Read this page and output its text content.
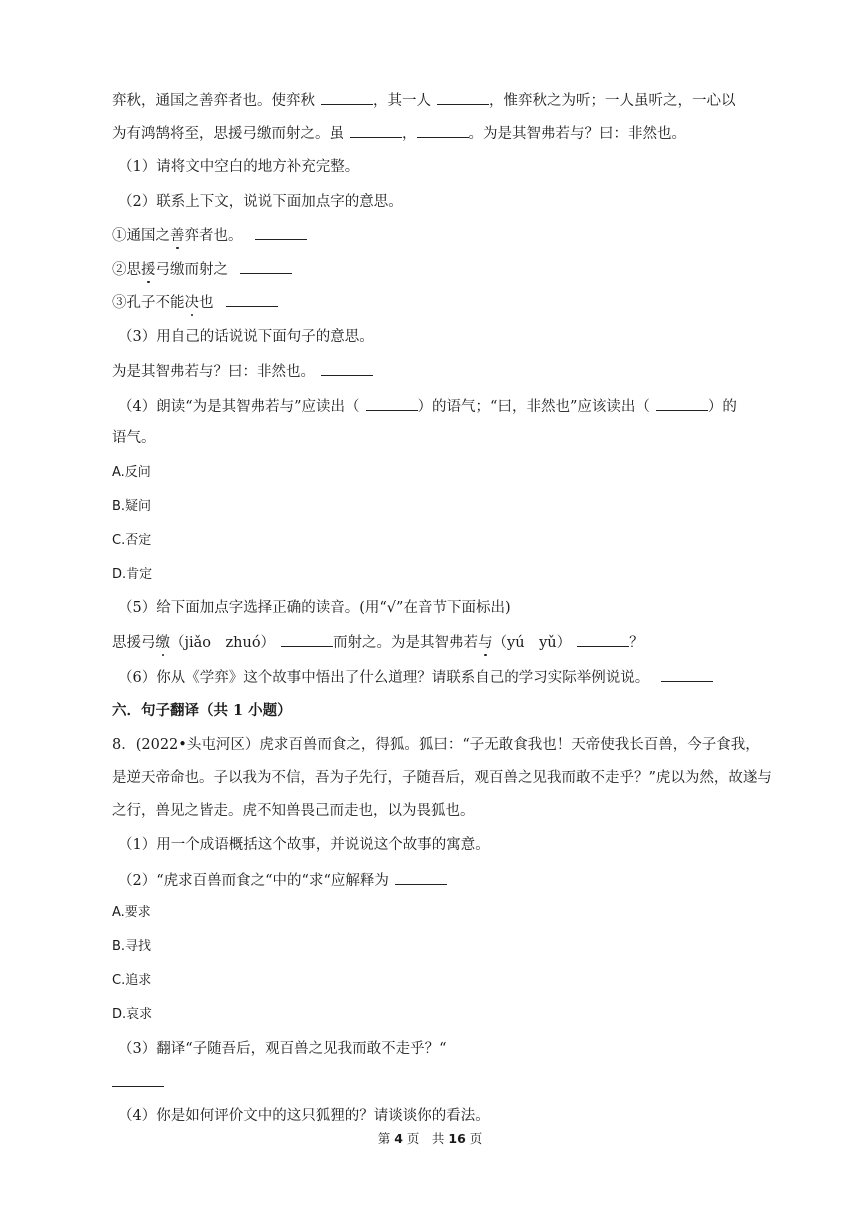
弈秋，通国之善弈者也。使弈秋	，其一人	，惟弈秋之为听；一人虽听之，一心以
为有鸿鹄将至，思援弓缴而射之。虽	，	。为是其智弗若与？曰：非然也。
（1）请将文中空白的地方补充完整。
（2）联系上下文，说说下面加点字的意思。
①通国之善弈者也。
②思援弓缴而射之
③孔子不能决也
（3）用自己的话说说下面句子的意思。
为是其智弗若与？曰：非然也。
（4）朗读“为是其智弗若与”应读出（	）的语气；“曰，非然也”应该读出（	）的
语气。
A.反问
B.疑问
C.否定
D.肯定
（5）给下面加点字选择正确的读音。(用“√”在音节下面标出)
思援弓缴（jiǎo　zhuó）	而射之。为是其智弗若与（yú　yǔ）	？
（6）你从《学弈》这个故事中悟出了什么道理？请联系自己的学习实际举例说说。
六．句子翻译（共 1 小题）
8．(2022•头屯河区）虎求百兽而食之，得狐。狐曰：“子无敢食我也！天帝使我长百兽，今子食我，
是逆天帝命也。子以我为不信，吾为子先行，子随吾后，观百兽之见我而敢不走乎？”虎以为然，故遂与
之行，兽见之皆走。虎不知兽畏己而走也，以为畏狐也。
（1）用一个成语概括这个故事，并说说这个故事的寓意。
（2）“虎求百兽而食之“中的“求“应解释为
A.要求
B.寻找
C.追求
D.哀求
（3）翻译“子随吾后，观百兽之见我而敢不走乎？“
（4）你是如何评价文中的这只狐狸的？请谈谈你的看法。
第 4 页　共 16 页
